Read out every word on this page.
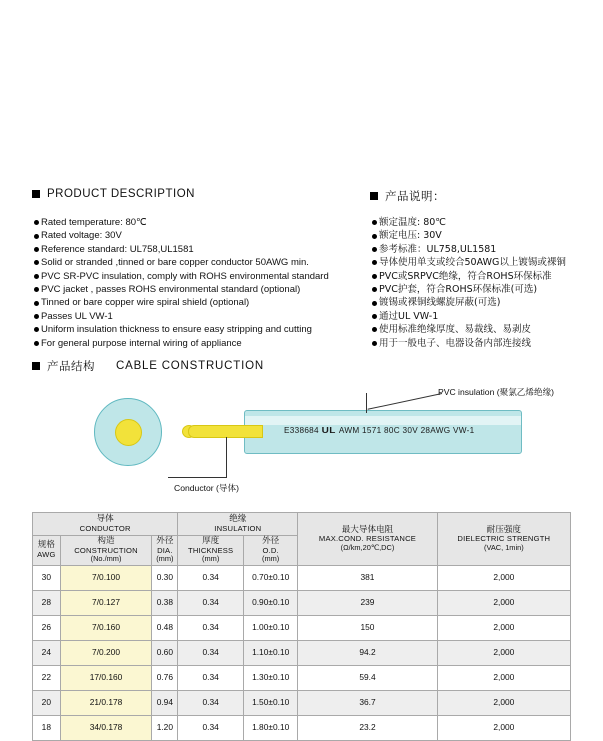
PRODUCT DESCRIPTION
Rated temperature: 80℃
Rated voltage: 30V
Reference standard: UL758,UL1581
Solid or stranded ,tinned or bare copper conductor 50AWG min.
PVC SR-PVC insulation, comply with ROHS environmental standard
PVC jacket , passes ROHS environmental standard (optional)
Tinned or bare copper wire spiral shield (optional)
Passes UL VW-1
Uniform insulation thickness to ensure easy stripping and cutting
For general purpose internal wiring of appliance
产品说明：
额定温度: 80℃
额定电压: 30V
参考标准：UL758,UL1581
导体使用单支或绞合50AWG以上镀锡或裸铜
PVC或SRPVC绝缘，符合ROHS环保标准
PVC护套，符合ROHS环保标准(可选)
镀锡或裸铜线螺旋屏蔽(可选)
通过UL VW-1
使用标准绝缘厚度、易裁线、易剥皮
用于一般电子、电器设备内部连接线
产品结构 CABLE CONSTRUCTION
E338684 UL AWM 1571 80C 30V 28AWG VW-1
PVC insulation (聚氯乙烯绝缘)
Conductor (导体)
导体
CONDUCTOR			绝缘
INSULATION		最大导体电阻
MAX.COND. RESISTANCE
(Ω/km,20℃,DC)	耐压强度
DIELECTRIC STRENGTH
(VAC, 1min)

规格
AWG	构造
CONSTRUCTION
(No./mm)	外径
DIA.
(mm)	厚度
THICKNESS
(mm)	外径
O.D.
(mm)		

30	7/0.100	0.30	0.34	0.70±0.10	381	2,000
28	7/0.127	0.38	0.34	0.90±0.10	239	2,000
26	7/0.160	0.48	0.34	1.00±0.10	150	2,000
24	7/0.200	0.60	0.34	1.10±0.10	94.2	2,000
22	17/0.160	0.76	0.34	1.30±0.10	59.4	2,000
20	21/0.178	0.94	0.34	1.50±0.10	36.7	2,000
18	34/0.178	1.20	0.34	1.80±0.10	23.2	2,000
